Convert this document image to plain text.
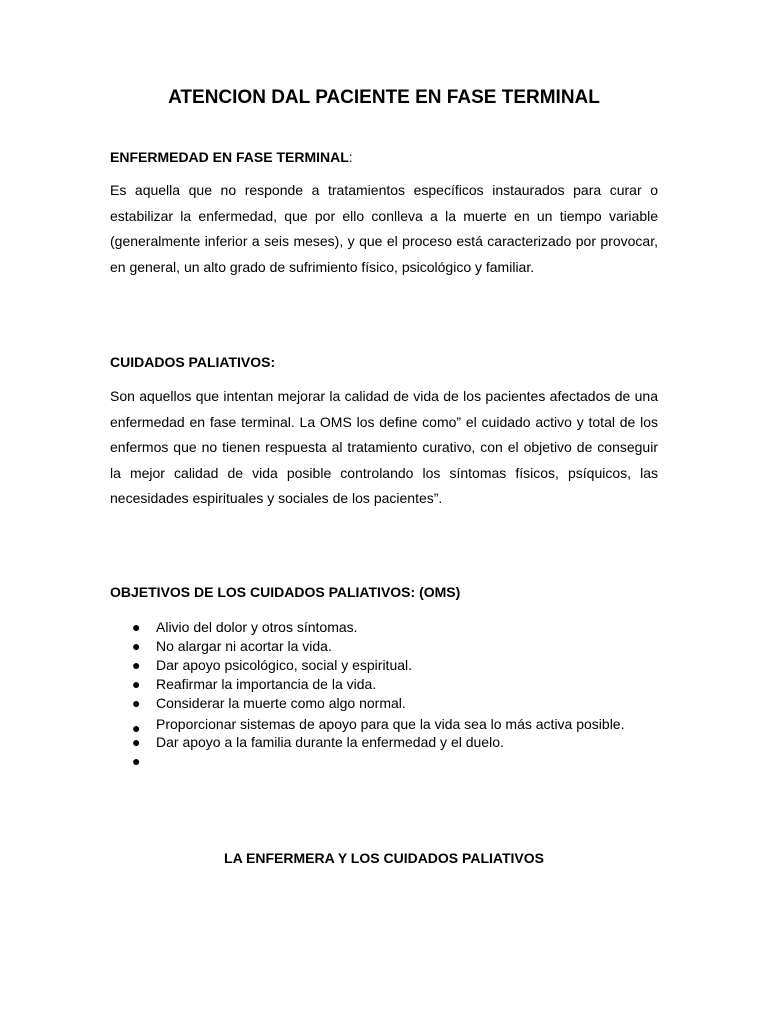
ATENCION DAL PACIENTE EN FASE TERMINAL
ENFERMEDAD EN FASE TERMINAL:
Es aquella que no responde a tratamientos específicos instaurados para curar o estabilizar la enfermedad, que por ello conlleva a la muerte en un tiempo variable (generalmente inferior a seis meses), y que el proceso está caracterizado por provocar, en general, un alto grado de sufrimiento físico, psicológico y familiar.
CUIDADOS PALIATIVOS:
Son aquellos que intentan mejorar la calidad de vida de los pacientes afectados de una enfermedad en fase terminal. La OMS los define como” el cuidado activo y total de los enfermos que no tienen respuesta al tratamiento curativo, con el objetivo de conseguir la mejor calidad de vida posible controlando los síntomas físicos, psíquicos, las necesidades espirituales y sociales de los pacientes”.
OBJETIVOS DE LOS CUIDADOS PALIATIVOS: (OMS)
● Alivio del dolor y otros síntomas.
● No alargar ni acortar la vida.
● Dar apoyo psicológico, social y espiritual.
● Reafirmar la importancia de la vida.
● Considerar la muerte como algo normal.
● Proporcionar sistemas de apoyo para que la vida sea lo más activa posible.
● Dar apoyo a la familia durante la enfermedad y el duelo.
●
LA ENFERMERA Y LOS CUIDADOS PALIATIVOS
